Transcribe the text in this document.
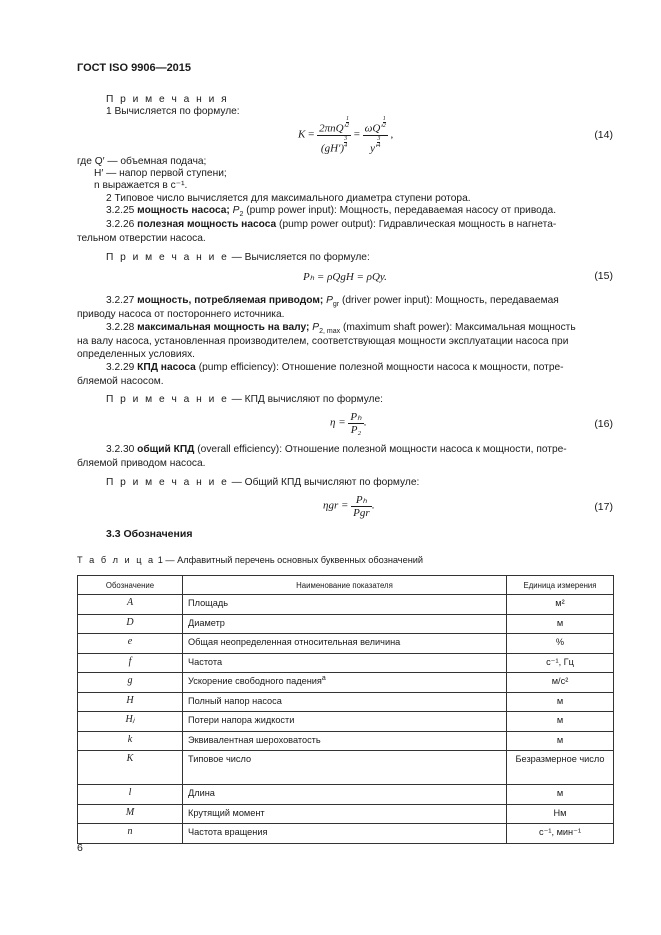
ГОСТ ISO 9906—2015
П р и м е ч а н и я
1 Вычисляется по формуле:
$K = \frac{2\pi nQ' \frac{1}{2}}{(gH') \frac{3}{4}} = \frac{\omega Q' \frac{1}{2}}{y' \frac{3}{4}}$ ,	(14)
где Q′ — объемная подача;
H′ — напор первой ступени;
n выражается в с⁻¹.
2 Типовое число вычисляется для максимального диаметра ступени ротора.
3.2.25 мощность насоса; $P_2$ (pump power input): Мощность, передаваемая насосу от привода.
3.2.26 полезная мощность насоса (pump power output): Гидравлическая мощность в нагнета-
тельном отверстии насоса.
П р и м е ч а н и е — Вычисляется по формуле:
Pₕ = ρQgH = ρQy.	(15)
3.2.27 мощность, потребляемая приводом; $P_{gr}$ (driver power input): Мощность, передаваемая
приводу насоса от постороннего источника.
3.2.28 максимальная мощность на валу; $P_{2, max}$ (maximum shaft power): Максимальная мощность
на валу насоса, установленная производителем, соответствующая мощности эксплуатации насоса при
определенных условиях.
3.2.29 КПД насоса (pump efficiency): Отношение полезной мощности насоса к мощности, потре-
бляемой насосом.
П р и м е ч а н и е — КПД вычисляют по формуле:
$\eta = \frac{\text{Pₕ}}{\text{P₂}}$ .	(16)
3.2.30 общий КПД (overall efficiency): Отношение полезной мощности насоса к мощности, потре-
бляемой приводом насоса.
П р и м е ч а н и е — Общий КПД вычисляют по формуле:
$\eta gr = \frac{\text{Pₕ}}{\text{Pgr}}$ .	(17)
3.3 Обозначения
Т а б л и ц а 1 — Алфавитный перечень основных буквенных обозначений
Обозначение	Наименование показателя	Единица измерения
A	Площадь	м²
D	Диаметр	м
e	Общая неопределенная относительная величина	%
f	Частота	с⁻¹, Гц
g	Ускорение свободного падения$^a$	м/с²
H	Полный напор насоса	м
Hⱼ	Потери напора жидкости	м
k	Эквивалентная шероховатость	м
K	Типовое число	Безразмерное число
l	Длина	м
M	Крутящий момент	Нм
n	Частота вращения	с⁻¹, мин⁻¹
6
